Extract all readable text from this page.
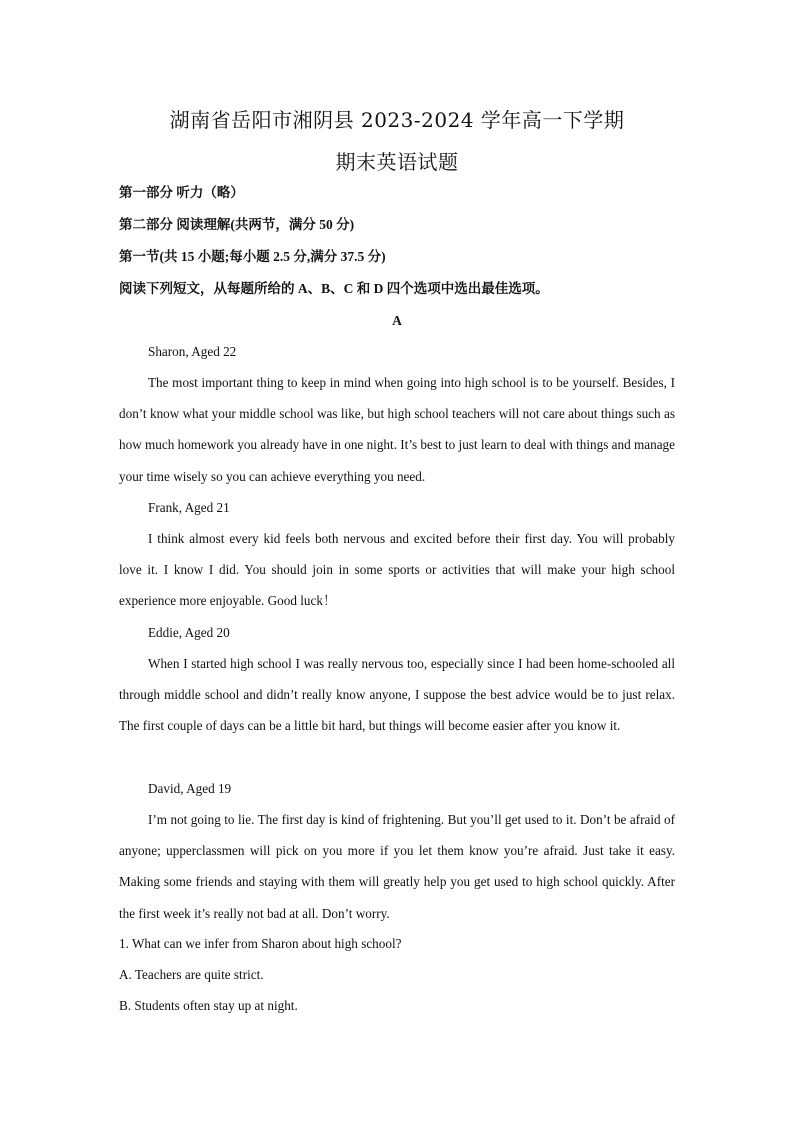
湖南省岳阳市湘阴县 2023-2024 学年高一下学期
期末英语试题
第一部分 听力（略）
第二部分 阅读理解(共两节，满分 50 分)
第一节(共 15 小题;每小题 2.5 分,满分 37.5 分)
阅读下列短文，从每题所给的 A、B、C 和 D 四个选项中选出最佳选项。
A
Sharon, Aged 22

The most important thing to keep in mind when going into high school is to be yourself. Besides, I don’t know what your middle school was like, but high school teachers will not care about things such as how much homework you already have in one night. It’s best to just learn to deal with things and manage your time wisely so you can achieve everything you need.

Frank, Aged 21

I think almost every kid feels both nervous and excited before their first day. You will probably love it. I know I did. You should join in some sports or activities that will make your high school experience more enjoyable. Good luck！

Eddie, Aged 20

When I started high school I was really nervous too, especially since I had been home-schooled all through middle school and didn’t really know anyone, I suppose the best advice would be to just relax. The first couple of days can be a little bit hard, but things will become easier after you know it.

David, Aged 19

I’m not going to lie. The first day is kind of frightening. But you’ll get used to it. Don’t be afraid of anyone; upperclassmen will pick on you more if you let them know you’re afraid. Just take it easy. Making some friends and staying with them will greatly help you get used to high school quickly. After the first week it’s really not bad at all. Don’t worry.

1. What can we infer from Sharon about high school?
A. Teachers are quite strict.
B. Students often stay up at night.
